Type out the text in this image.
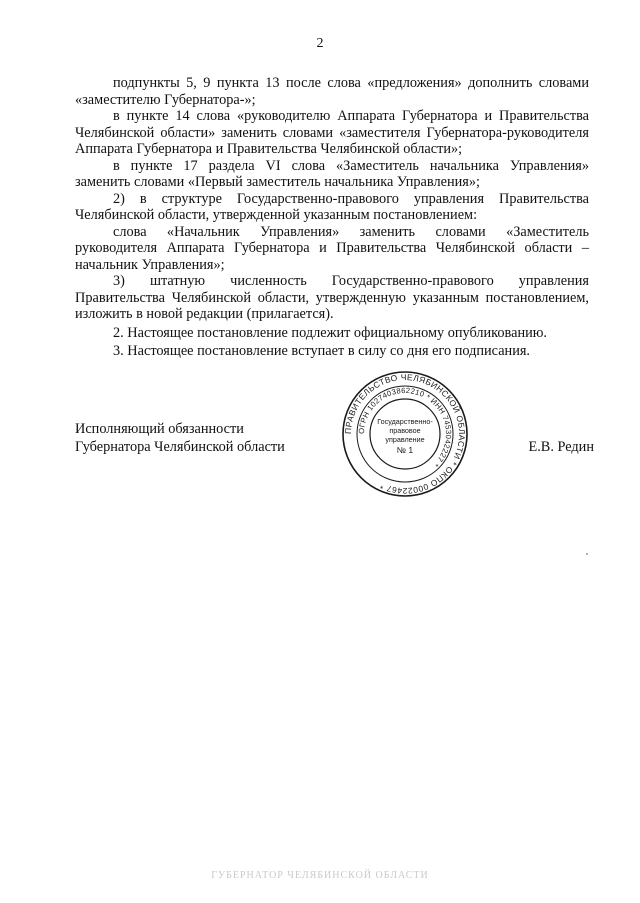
2

подпункты 5, 9 пункта 13 после слова «предложения» дополнить словами «заместителю Губернатора-»;

в пункте 14 слова «руководителю Аппарата Губернатора и Правительства Челябинской области» заменить словами «заместителя Губернатора-руководителя Аппарата Губернатора и Правительства Челябинской области»;

в пункте 17 раздела VI слова «Заместитель начальника Управления» заменить словами «Первый заместитель начальника Управления»;

2) в структуре Государственно-правового управления Правительства Челябинской области, утвержденной указанным постановлением:

слова «Начальник Управления» заменить словами «Заместитель руководителя Аппарата Губернатора и Правительства Челябинской области – начальник Управления»;

3) штатную численность Государственно-правового управления Правительства Челябинской области, утвержденную указанным постановлением, изложить в новой редакции (прилагается).

2. Настоящее постановление подлежит официальному опубликованию.

3. Настоящее постановление вступает в силу со дня его подписания.

Исполняющий обязанности
Губернатора Челябинской области	Е.В. Редин
ПРАВИТЕЛЬСТВО ЧЕЛЯБИНСКОЙ ОБЛАСТИ * ОКПО 00022467 *
ОГРН 1027403862210 * ИНН 7453042227 *
Государственно-
правовое
управление
№ 1
ГУБЕРНАТОР ЧЕЛЯБИНСКОЙ ОБЛАСТИ
